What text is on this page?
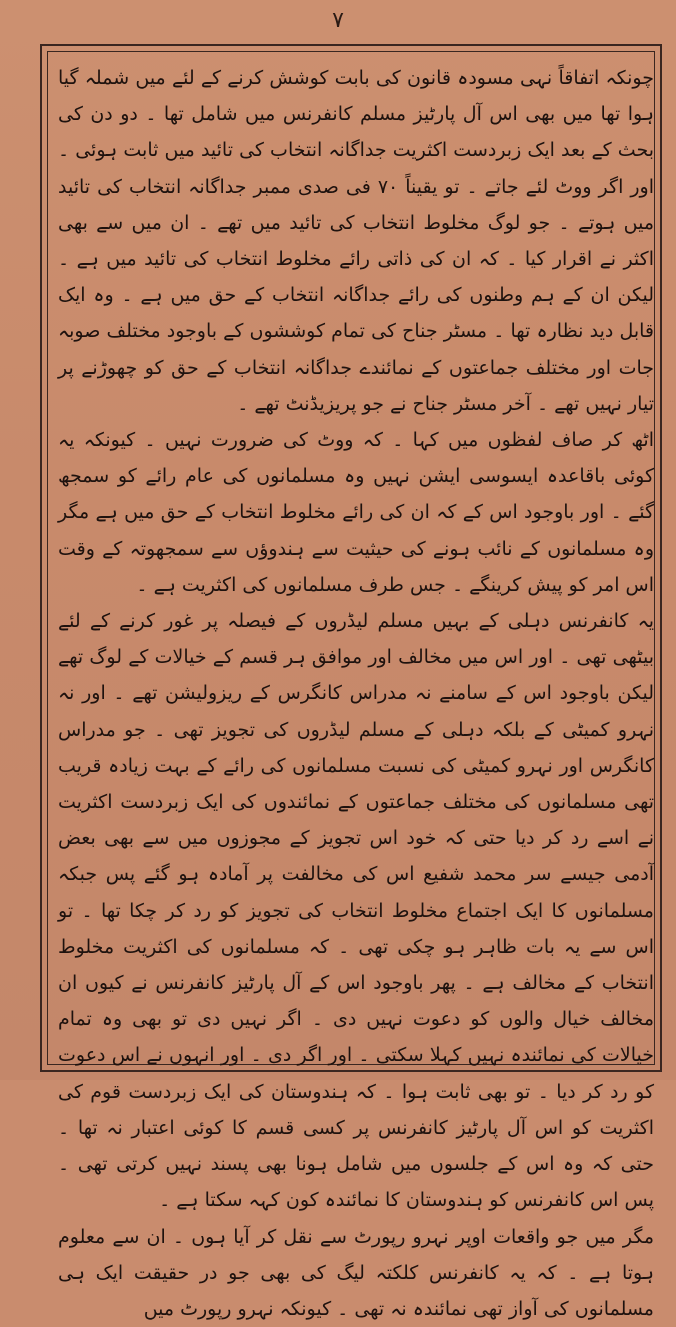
٧

چونکہ اتفاقاً نہی مسودہ قانون کی بابت کوشش کرنے کے لئے میں شملہ گیا ہوا تھا میں بھی اس آل پارٹیز مسلم کانفرنس میں شامل تھا ۔ دو دن کی بحث کے بعد ایک زبردست اکثریت جداگانہ انتخاب کی تائید میں ثابت ہوئی ۔ اور اگر ووٹ لئے جاتے ۔ تو یقیناً ٧٠ فی صدی ممبر جداگانہ انتخاب کی تائید میں ہوتے ۔ جو لوگ مخلوط انتخاب کی تائید میں تھے ۔ ان میں سے بھی اکثر نے اقرار کیا ۔ کہ ان کی ذاتی رائے مخلوط انتخاب کی تائید میں ہے ۔ لیکن ان کے ہم وطنوں کی رائے جداگانہ انتخاب کے حق میں ہے ۔ وہ ایک قابل دید نظارہ تھا ۔ مسٹر جناح کی تمام کوششوں کے باوجود مختلف صوبہ جات اور مختلف جماعتوں کے نمائندے جداگانہ انتخاب کے حق کو چھوڑنے پر تیار نہیں تھے ۔ آخر مسٹر جناح نے جو پریزیڈنٹ تھے ۔

اٹھ کر صاف لفظوں میں کہا ۔ کہ ووٹ کی ضرورت نہیں ۔ کیونکہ یہ کوئی باقاعدہ ایسوسی ایشن نہیں وہ مسلمانوں کی عام رائے کو سمجھ گئے ۔ اور باوجود اس کے کہ ان کی رائے مخلوط انتخاب کے حق میں ہے مگر وہ مسلمانوں کے نائب ہونے کی حیثیت سے ہندوؤں سے سمجھوتہ کے وقت اس امر کو پیش کرینگے ۔ جس طرف مسلمانوں کی اکثریت ہے ۔

یہ کانفرنس دہلی کے بہیں مسلم لیڈروں کے فیصلہ پر غور کرنے کے لئے بیٹھی تھی ۔ اور اس میں مخالف اور موافق ہر قسم کے خیالات کے لوگ تھے لیکن باوجود اس کے سامنے نہ مدراس کانگرس کے ریزولیشن تھے ۔ اور نہ نہرو کمیٹی کے بلکہ دہلی کے مسلم لیڈروں کی تجویز تھی ۔ جو مدراس کانگرس اور نہرو کمیٹی کی نسبت مسلمانوں کی رائے کے بہت زیادہ قریب تھی مسلمانوں کی مختلف جماعتوں کے نمائندوں کی ایک زبردست اکثریت نے اسے رد کر دیا حتی کہ خود اس تجویز کے مجوزوں میں سے بھی بعض آدمی جیسے سر محمد شفیع اس کی مخالفت پر آمادہ ہو گئے پس جبکہ مسلمانوں کا ایک اجتماع مخلوط انتخاب کی تجویز کو رد کر چکا تھا ۔ تو اس سے یہ بات ظاہر ہو چکی تھی ۔ کہ مسلمانوں کی اکثریت مخلوط انتخاب کے مخالف ہے ۔ پھر باوجود اس کے آل پارٹیز کانفرنس نے کیوں ان مخالف خیال والوں کو دعوت نہیں دی ۔ اگر نہیں دی تو بھی وہ تمام خیالات کی نمائندہ نہیں کہلا سکتی ۔ اور اگر دی ۔ اور انہوں نے اس دعوت کو رد کر دیا ۔ تو بھی ثابت ہوا ۔ کہ ہندوستان کی ایک زبردست قوم کی اکثریت کو اس آل پارٹیز کانفرنس پر کسی قسم کا کوئی اعتبار نہ تھا ۔ حتی کہ وہ اس کے جلسوں میں شامل ہونا بھی پسند نہیں کرتی تھی ۔ پس اس کانفرنس کو ہندوستان کا نمائندہ کون کہہ سکتا ہے ۔

مگر میں جو واقعات اوپر نہرو رپورٹ سے نقل کر آیا ہوں ۔ ان سے معلوم ہوتا ہے ۔ کہ یہ کانفرنس کلکتہ لیگ کی بھی جو در حقیقت ایک ہی مسلمانوں کی آواز تھی نمائندہ نہ تھی ۔ کیونکہ نہرو رپورٹ میں
